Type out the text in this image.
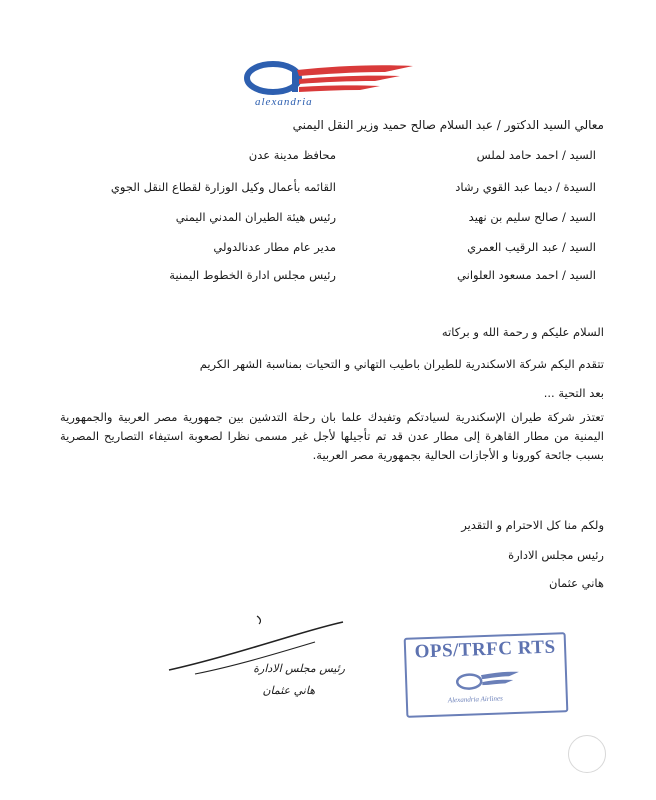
alexandria
معالي السيد الدكتور / عبد السلام صالح حميد وزير النقل اليمني
السيد / احمد حامد لملس
محافظ مدينة عدن
السيدة / ديما عبد القوي رشاد
القائمه بأعمال وكيل الوزارة لقطاع النقل الجوي
السيد / صالح سليم بن نهيد
رئيس هيئة الطيران المدني اليمني
السيد / عبد الرقيب العمري
مدير عام مطار عدنالدولي
السيد / احمد مسعود العلواني
رئيس مجلس ادارة الخطوط اليمنية
السلام عليكم و رحمة الله و بركاته
تتقدم اليكم شركة الاسكندرية للطيران باطيب التهاني و التحيات بمناسبة الشهر الكريم
بعد التحية ...
تعتذر شركة طيران الإسكندرية لسيادتكم وتفيدك علما بان رحلة التدشين بين جمهورية مصر العربية والجمهورية اليمنية من مطار القاهرة إلى مطار عدن قد تم تأجيلها لأجل غير مسمى نظرا لصعوبة استيفاء التصاريح المصرية بسبب جائحة كورونا و الأجازات الحالية بجمهورية مصر العربية.
ولكم منا كل الاحترام و التقدير
رئيس مجلس الادارة
هاني عثمان
رئيس مجلس الادارة
هاني عثمان
OPS/TRFC RTS
Alexandria Airlines
